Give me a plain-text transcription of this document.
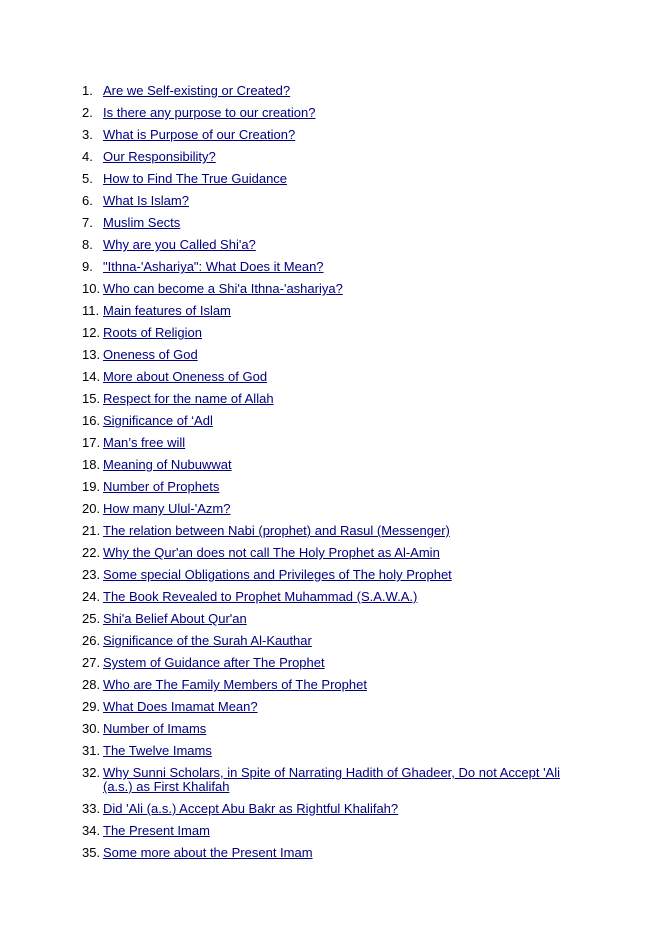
1. Are we Self-existing or Created?
2. Is there any purpose to our creation?
3. What is Purpose of our Creation?
4. Our Responsibility?
5. How to Find The True Guidance
6. What Is Islam?
7. Muslim Sects
8. Why are you Called Shi'a?
9. "Ithna-'Ashariya": What Does it Mean?
10. Who can become a Shi'a Ithna-'ashariya?
11. Main features of Islam
12. Roots of Religion
13. Oneness of God
14. More about Oneness of God
15. Respect for the name of Allah
16. Significance of ‘Adl
17. Man’s free will
18. Meaning of Nubuwwat
19. Number of Prophets
20. How many Ulul-'Azm?
21. The relation between Nabi (prophet) and Rasul (Messenger)
22. Why the Qur'an does not call The Holy Prophet as Al-Amin
23. Some special Obligations and Privileges of The holy Prophet
24. The Book Revealed to Prophet Muhammad (S.A.W.A.)
25. Shi'a Belief About Qur'an
26. Significance of the Surah Al-Kauthar
27. System of Guidance after The Prophet
28. Who are The Family Members of The Prophet
29. What Does Imamat Mean?
30. Number of Imams
31. The Twelve Imams
32. Why Sunni Scholars, in Spite of Narrating Hadith of Ghadeer, Do not Accept 'Ali (a.s.) as First Khalifah
33. Did 'Ali (a.s.) Accept Abu Bakr as Rightful Khalifah?
34. The Present Imam
35. Some more about the Present Imam
